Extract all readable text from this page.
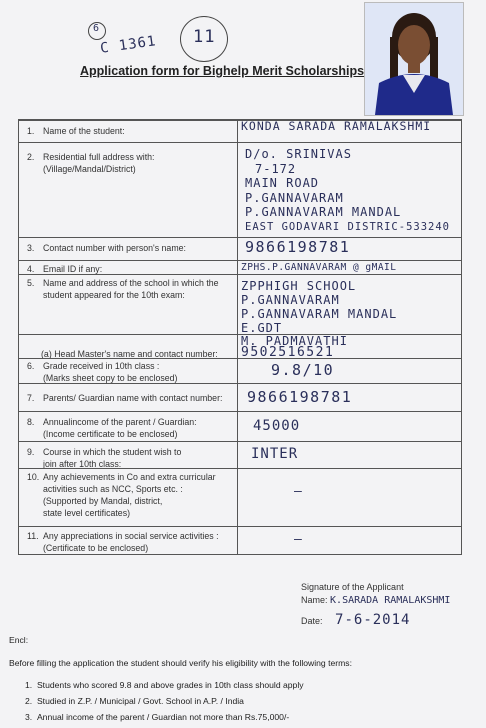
6
C 1361 11
Application form for Bighelp Merit Scholarships
1. Name of the student:	KONDA SARADA RAMALAKSHMI
2. Residential full address with:
(Village/Mandal/District)
D/o. SRINIVAS
7-172
MAIN ROAD
P.GANNAVARAM
P.GANNAVARAM MANDAL
EAST GODAVARI DISTRIC-533240
3. Contact number with person's name:	9866198781
4. Email ID if any:	ZPHS.P.GANNAVARAM @ gMAIL
5. Name and address of the school in which the
student appeared for the 10th exam:
ZPPHIGH SCHOOL
P.GANNAVARAM
P.GANNAVARAM MANDAL
E.GDT
(a) Head Master's name and contact number:
M. PADMAVATHI
9502516521
6. Grade received in 10th class :
(Marks sheet copy to be enclosed)	9.8/10
7. Parents/ Guardian name with contact number:	9866198781
8. Annualincome of the parent / Guardian:
(Income certificate to be enclosed)	45000
9. Course in which the student wish to
join after 10th class:
INTER
10. Any achievements in Co and extra curricular
activities such as NCC, Sports etc. :
(Supported by Mandal, district,
state level certificates)
—
11. Any appreciations in social service activities :
(Certificate to be enclosed)
—
Signature of the Applicant
Name: K.SARADA RAMALAKSHMI
Date: 7-6-2014
Encl:
Before filling the application the student should verify his eligibility with the following terms:
1.  Students who scored 9.8 and above grades in 10th class should apply
2.  Studied in Z.P. / Municipal / Govt. School in A.P. / India
3.  Annual income of the parent / Guardian not more than Rs.75,000/-
